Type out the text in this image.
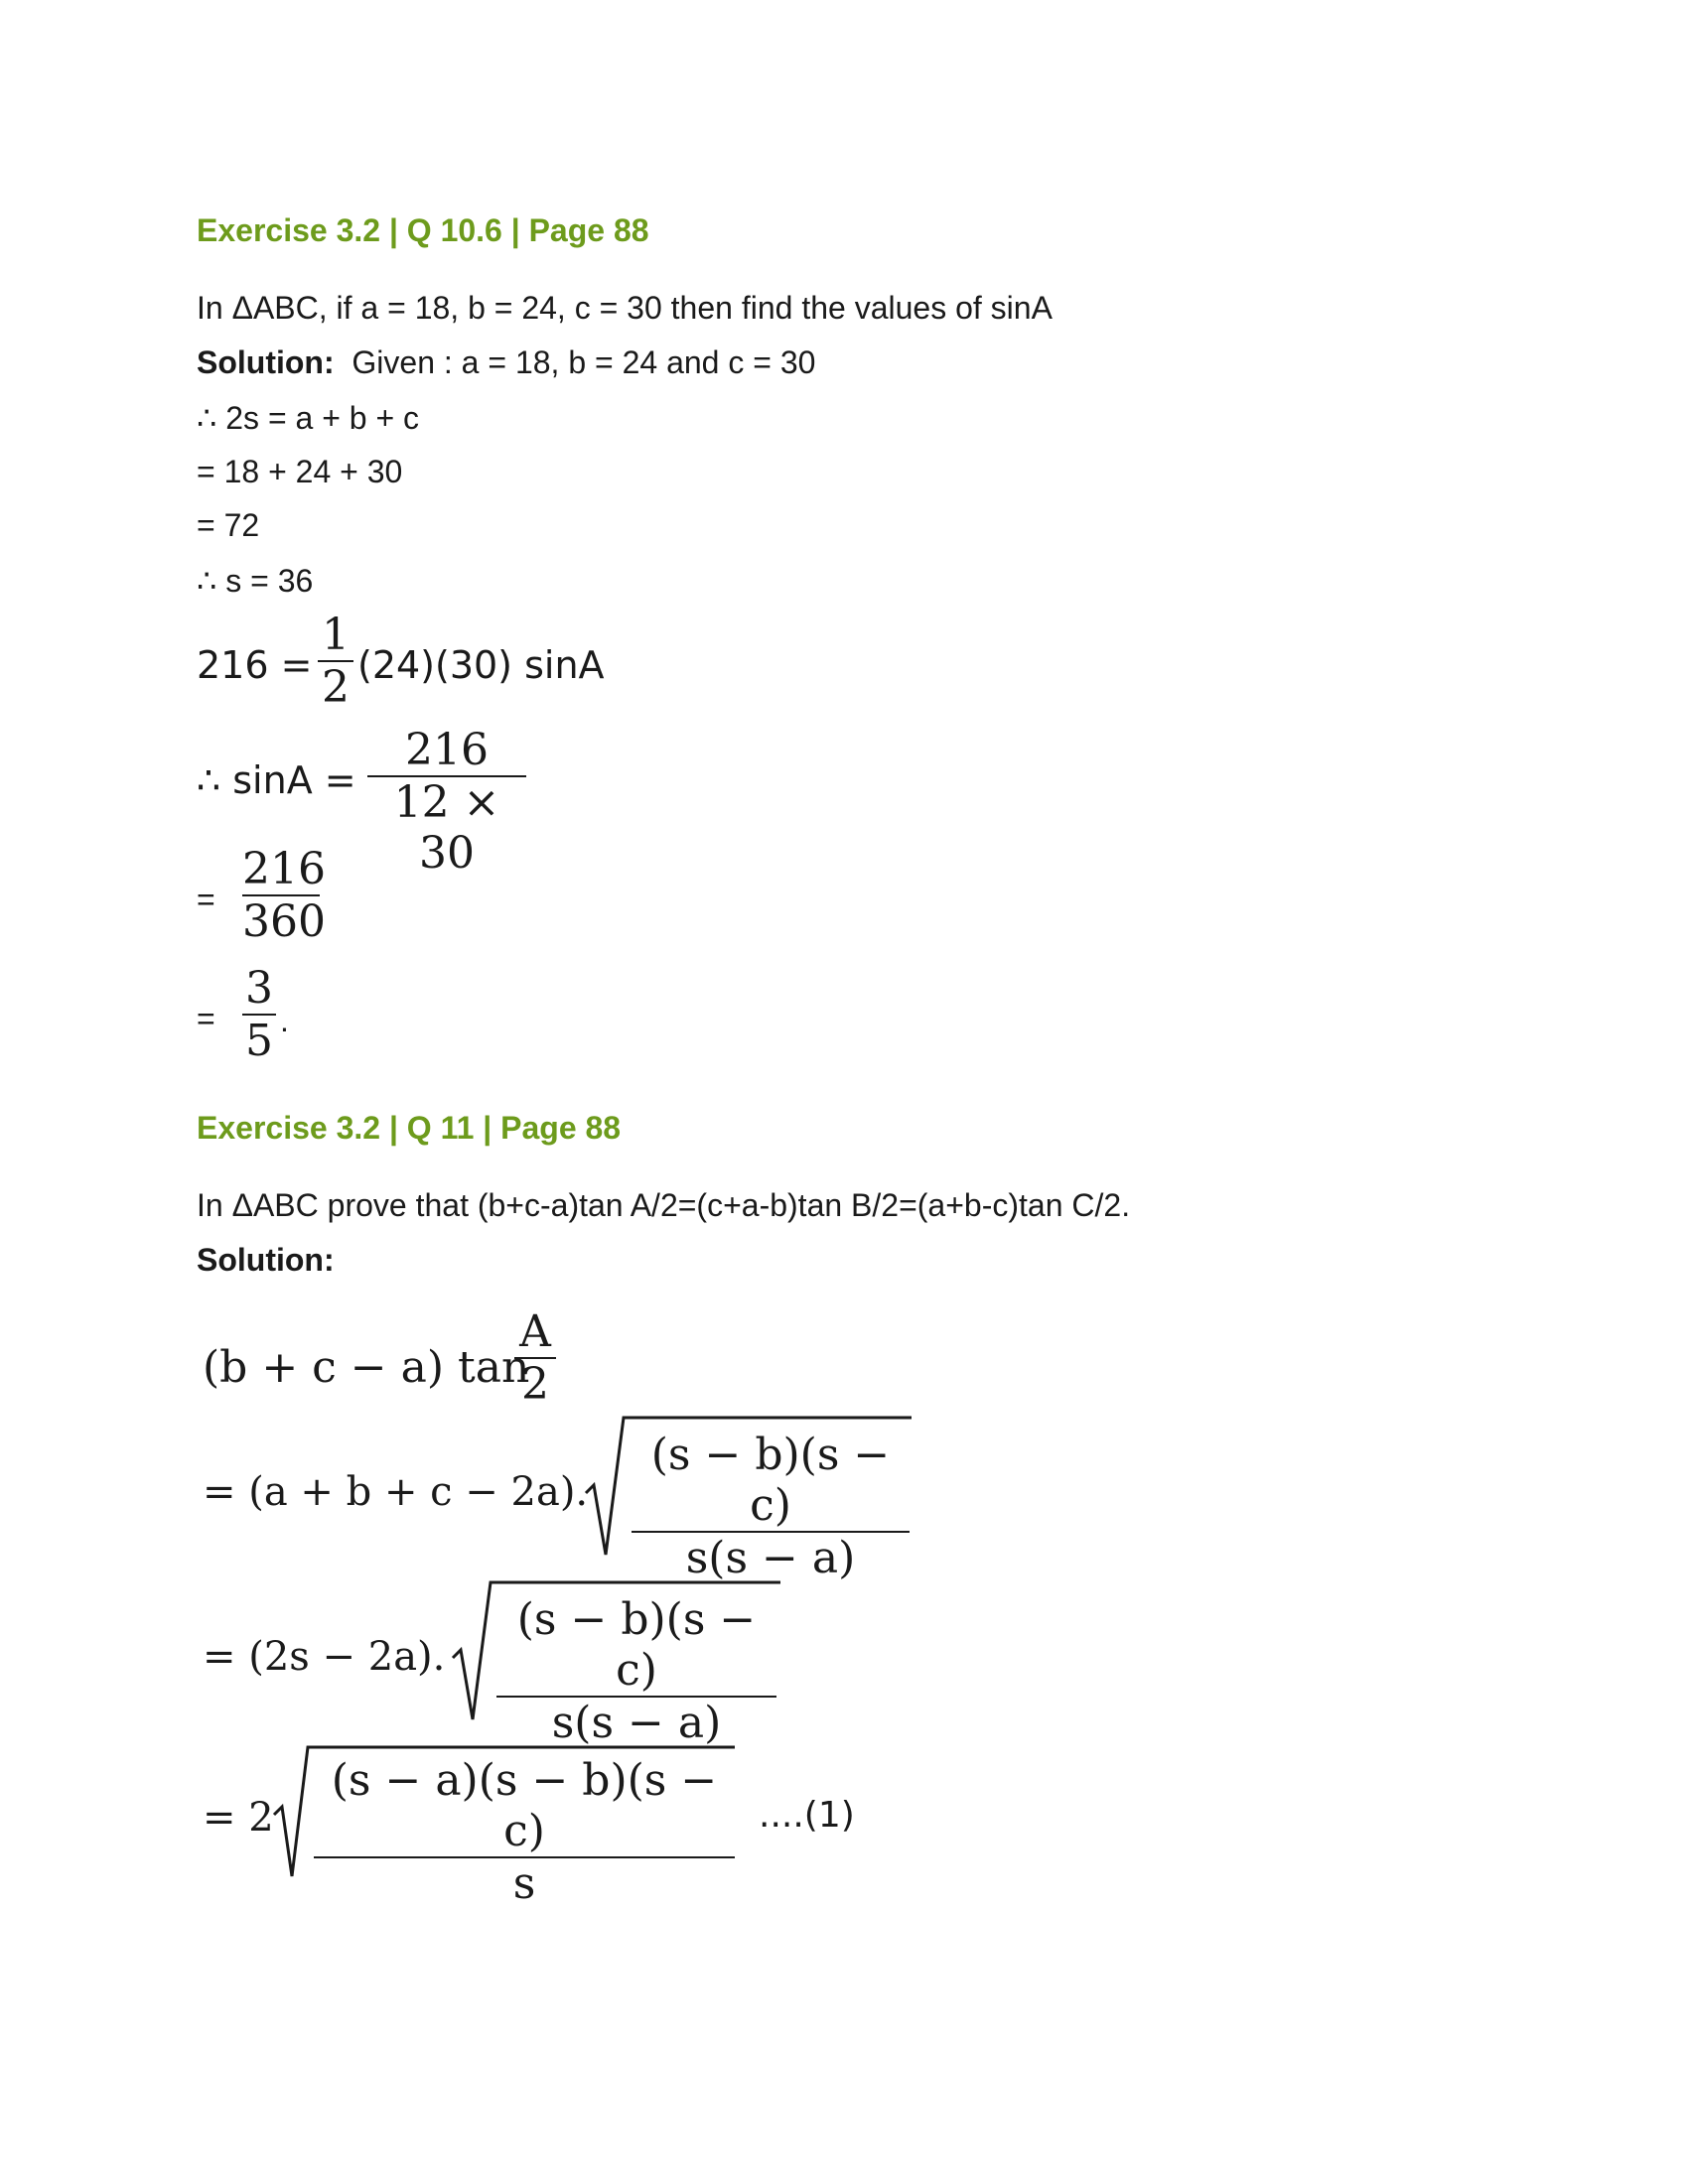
Exercise 3.2 | Q 10.6 | Page 88
In ΔABC, if a = 18, b = 24, c = 30 then find the values of sinA
Solution: Given : a = 18, b = 24 and c = 30
∴ 2s = a + b + c
= 18 + 24 + 30
= 72
∴ s = 36
216 =
1
2 (24)(30) sinA
∴ sinA =
216
12 × 30
=
216
360
=
3
5 .
Exercise 3.2 | Q 11 | Page 88
In ΔABC prove that (b+c-a)tan A/2=(c+a-b)tan B/2=(a+b-c)tan C/2.
Solution:
(b + c − a) tan
A
2
= (a + b + c − 2a).
(s − b)(s − c)
s(s − a)
= (2s − 2a).
(s − b)(s − c)
s(s − a)
= 2
(s − a)(s − b)(s − c)
s
....(1)
